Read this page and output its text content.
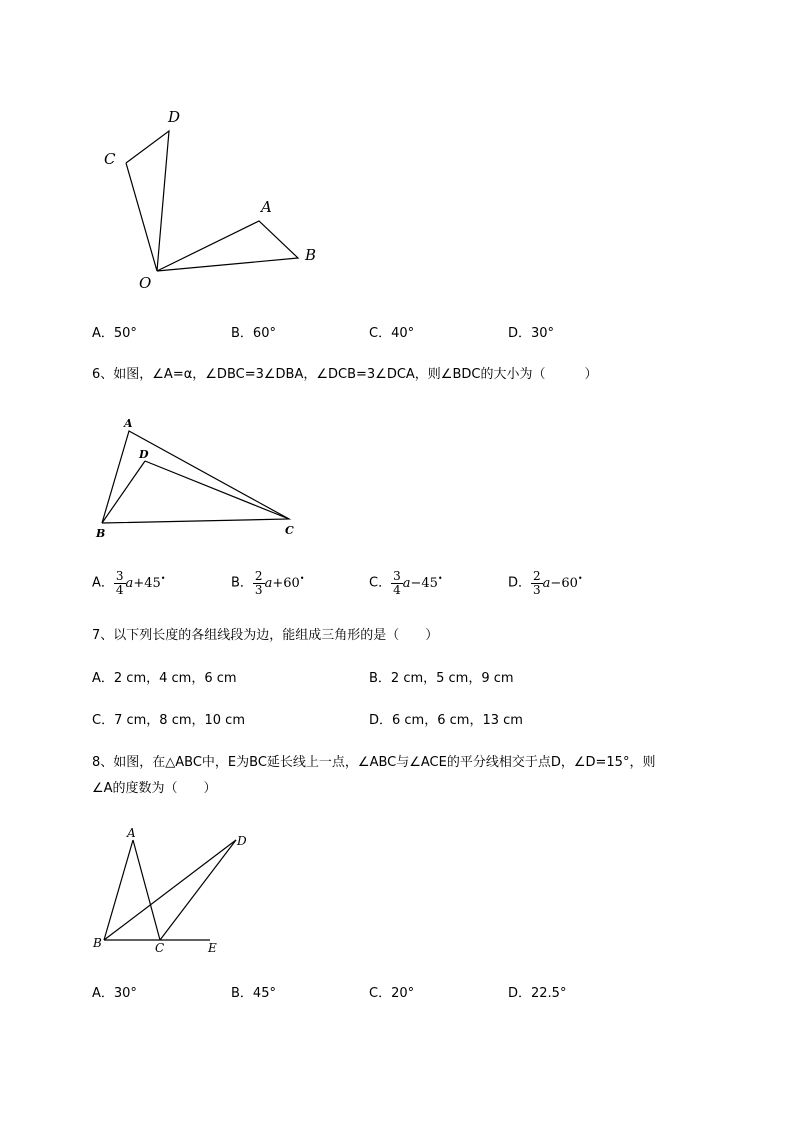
D
C
A
B
O
A．50°	B．60°	C．40°	D．30°
6、如图，∠A=α，∠DBC=3∠DBA，∠DCB=3∠DCA，则∠BDC的大小为（　　　）
A
D
B	C
A． $\frac{3}{4} a+45^•$	B． $\frac{2}{3} a+60^•$	C． $\frac{3}{4} a-45^•$	D． $\frac{2}{3} a-60^•$
7、以下列长度的各组线段为边，能组成三角形的是（　　）
A．2 cm，4 cm，6 cm	B．2 cm，5 cm，9 cm
C．7 cm，8 cm，10 cm	D．6 cm，6 cm，13 cm
8、如图，在△ABC中，E为BC延长线上一点，∠ABC与∠ACE的平分线相交于点D，∠D=15°，则
∠A的度数为（　　）
A
D
B	C	E
A．30°	B．45°	C．20°	D．22.5°
